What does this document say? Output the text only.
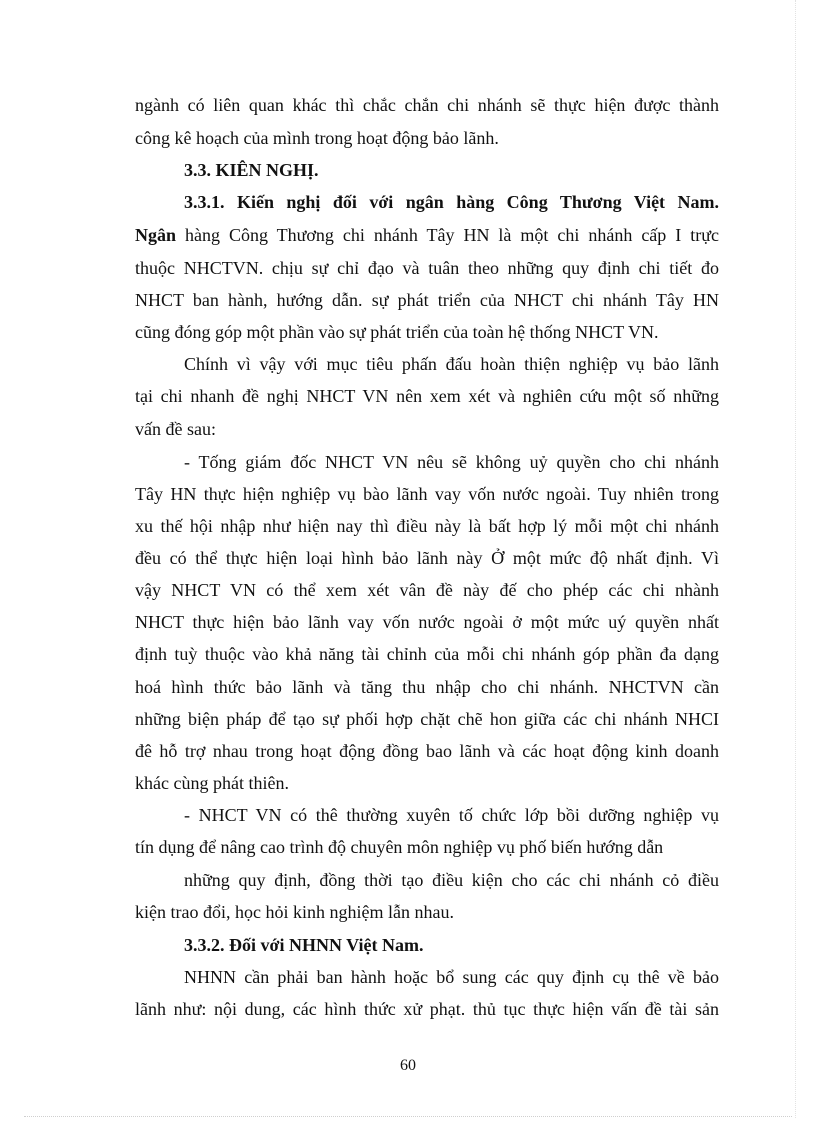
ngành có liên quan khác thì chắc chắn chi nhánh sẽ thực hiện được thành
công kê hoạch của mình trong hoạt động bảo lãnh.
3.3. KIÊN NGHỊ.
3.3.1. Kiến nghị đối với ngân hàng Công Thương Việt Nam.
Ngân hàng Công Thương chi nhánh Tây HN là một chi nhánh cấp I trực
thuộc NHCTVN. chịu sự chỉ đạo và tuân theo những quy định chi tiết đo
NHCT ban hành, hướng dẫn. sự phát triển của NHCT chi nhánh Tây HN
cũng đóng góp một phần vào sự phát triển của toàn hệ thống NHCT VN.
Chính vì vậy với mục tiêu phấn đấu hoàn thiện nghiệp vụ bảo lãnh
tại chi nhanh đề nghị NHCT VN nên xem xét và nghiên cứu một số những
vấn đề sau:
- Tống giám đốc NHCT VN nêu sẽ không uỷ quyền cho chi nhánh
Tây HN thực hiện nghiệp vụ bào lãnh vay vốn nước ngoài. Tuy nhiên trong
xu thế hội nhập như hiện nay thì điều này là bất hợp lý mỗi một chi nhánh
đều có thể thực hiện loại hình bảo lãnh này Ở một mức độ nhất định. Vì
vậy NHCT VN có thể xem xét vân đề này đế cho phép các chi nhành
NHCT thực hiện bảo lãnh vay vốn nước ngoài ở một mức uý quyền nhất
định tuỳ thuộc vào khả năng tài chỉnh của mỗi chi nhánh góp phần đa dạng
hoá hình thức bảo lãnh và tăng thu nhập cho chi nhánh. NHCTVN cần
những biện pháp để tạo sự phối hợp chặt chẽ hon giữa các chi nhánh NHCI
đê hỗ trợ nhau trong hoạt động đồng bao lãnh và các hoạt động kinh doanh
khác cùng phát thiên.
- NHCT VN có thê thường xuyên tố chức lớp bồi dưỡng nghiệp vụ
tín dụng để nâng cao trình độ chuyên môn nghiệp vụ phố biến hướng dẫn
những quy định, đồng thời tạo điều kiện cho các chi nhánh cỏ điều
kiện trao đổi, học hỏi kinh nghiệm lẫn nhau.
3.3.2. Đối với NHNN Việt Nam.
NHNN cần phải ban hành hoặc bổ sung các quy định cụ thê về bảo
lãnh như: nội dung, các hình thức xử phạt. thủ tục thực hiện vấn đề tài sản
60
